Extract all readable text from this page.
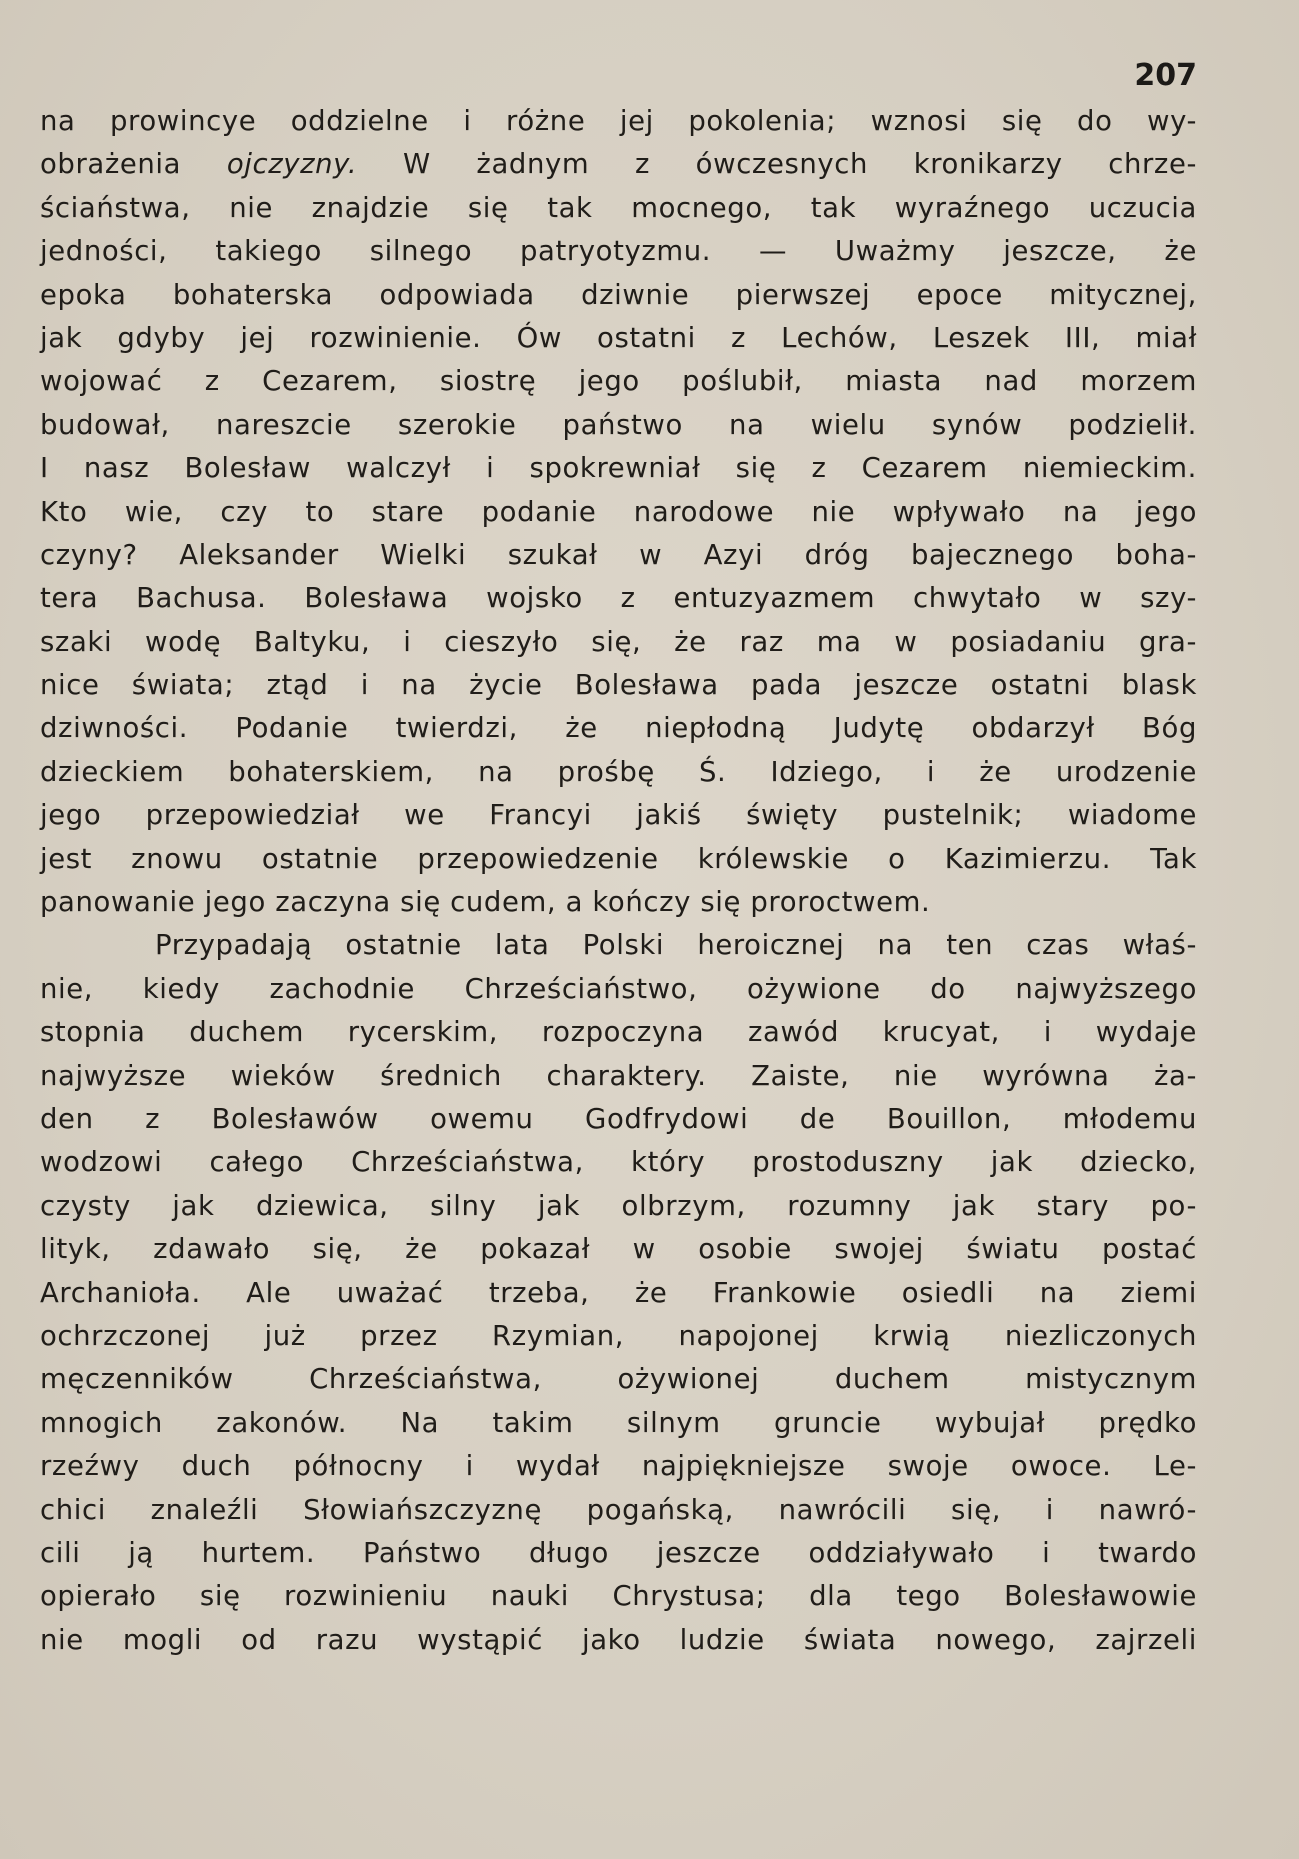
207

na prowincye oddzielne i różne jej pokolenia; wznosi się do wy-
obrażenia ojczyzny. W żadnym z ówczesnych kronikarzy chrze-
ściaństwa, nie znajdzie się tak mocnego, tak wyraźnego uczucia
jedności, takiego silnego patryotyzmu. — Uważmy jeszcze, że
epoka bohaterska odpowiada dziwnie pierwszej epoce mitycznej,
jak gdyby jej rozwinienie. Ów ostatni z Lechów, Leszek III, miał
wojować z Cezarem, siostrę jego poślubił, miasta nad morzem
budował, nareszcie szerokie państwo na wielu synów podzielił.
I nasz Bolesław walczył i spokrewniał się z Cezarem niemieckim.
Kto wie, czy to stare podanie narodowe nie wpływało na jego
czyny? Aleksander Wielki szukał w Azyi dróg bajecznego boha-
tera Bachusa. Bolesława wojsko z entuzyazmem chwytało w szy-
szaki wodę Baltyku, i cieszyło się, że raz ma w posiadaniu gra-
nice świata; ztąd i na życie Bolesława pada jeszcze ostatni blask
dziwności. Podanie twierdzi, że niepłodną Judytę obdarzył Bóg
dzieckiem bohaterskiem, na prośbę Ś. Idziego, i że urodzenie
jego przepowiedział we Francyi jakiś święty pustelnik; wiadome
jest znowu ostatnie przepowiedzenie królewskie o Kazimierzu. Tak
panowanie jego zaczyna się cudem, a kończy się proroctwem.
Przypadają ostatnie lata Polski heroicznej na ten czas właś-
nie, kiedy zachodnie Chrześciaństwo, ożywione do najwyższego
stopnia duchem rycerskim, rozpoczyna zawód krucyat, i wydaje
najwyższe wieków średnich charaktery. Zaiste, nie wyrówna ża-
den z Bolesławów owemu Godfrydowi de Bouillon, młodemu
wodzowi całego Chrześciaństwa, który prostoduszny jak dziecko,
czysty jak dziewica, silny jak olbrzym, rozumny jak stary po-
lityk, zdawało się, że pokazał w osobie swojej światu postać
Archanioła. Ale uważać trzeba, że Frankowie osiedli na ziemi
ochrzczonej już przez Rzymian, napojonej krwią niezliczonych
męczenników Chrześciaństwa, ożywionej duchem mistycznym
mnogich zakonów. Na takim silnym gruncie wybujał prędko
rzeźwy duch północny i wydał najpiękniejsze swoje owoce. Le-
chici znaleźli Słowiańszczyznę pogańską, nawrócili się, i nawró-
cili ją hurtem. Państwo długo jeszcze oddziaływało i twardo
opierało się rozwinieniu nauki Chrystusa; dla tego Bolesławowie
nie mogli od razu wystąpić jako ludzie świata nowego, zajrzeli
